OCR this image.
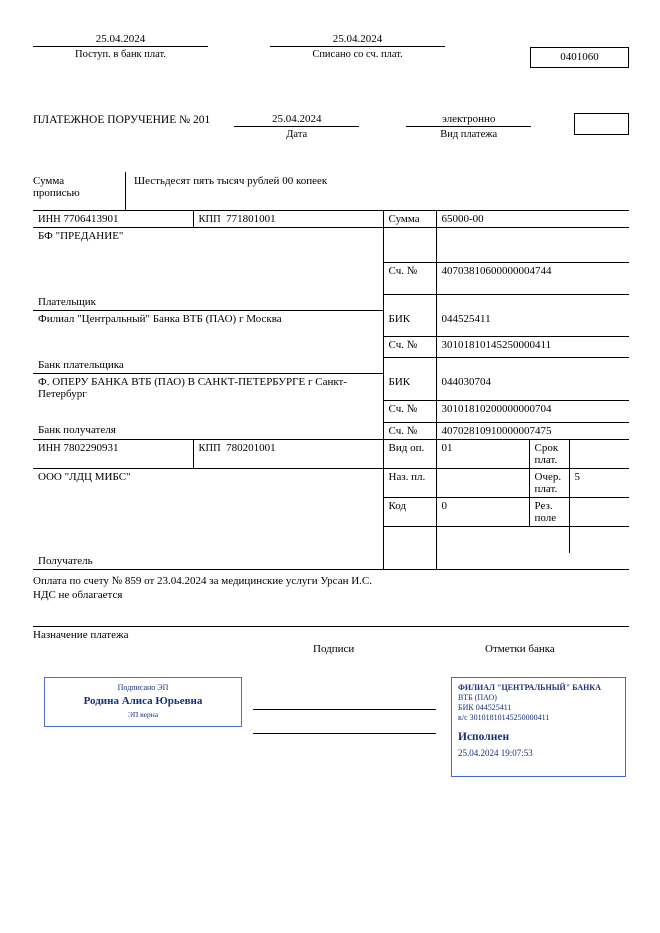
25.04.2024
Поступ. в банк плат.
25.04.2024
Списано со сч. плат.	0401060
ПЛАТЕЖНОЕ ПОРУЧЕНИЕ № 201	25.04.2024
Дата
электронно
Вид платежа
Сумма
прописью
Шестьдесят пять тысяч рублей 00 копеек
ИНН 7706413901	КПП 771801001	Сумма	65000-00		

БФ "ПРЕДАНИЕ"					

		Сч. №	40703810600000004744		
Плательщик					

Филиал "Центральный" Банка ВТБ (ПАО) г Москва		БИК	044525411		
		Сч. №	30101810145250000411		
Банк плательщика					

Ф. ОПЕРУ БАНКА ВТБ (ПАО) В САНКТ-ПЕТЕРБУРГЕ г Санкт-Петербург		БИК	044030704		
		Сч. №	30101810200000000704		
Банк получателя		Сч. №	40702810910000007475		
ИНН 7802290931	КПП 780201001	Вид оп.	01	Срок плат.	

ООО "ЛДЦ МИБС"		Наз. пл.		Очер. плат.	5
		Код	0	Рез. поле	

Получатель					
Оплата по счету № 859 от 23.04.2024 за медицинские услуги Урсан И.С.
НДС не облагается
Назначение платежа
Подписи	Отметки банка
Подписано ЭП
Родина Алиса Юрьевна
ЭП верна
ФИЛИАЛ "ЦЕНТРАЛЬНЫЙ" БАНКА
ВТБ (ПАО)
БИК 044525411
к/с 30101810145250000411
Исполнен
25.04.2024 19:07:53
